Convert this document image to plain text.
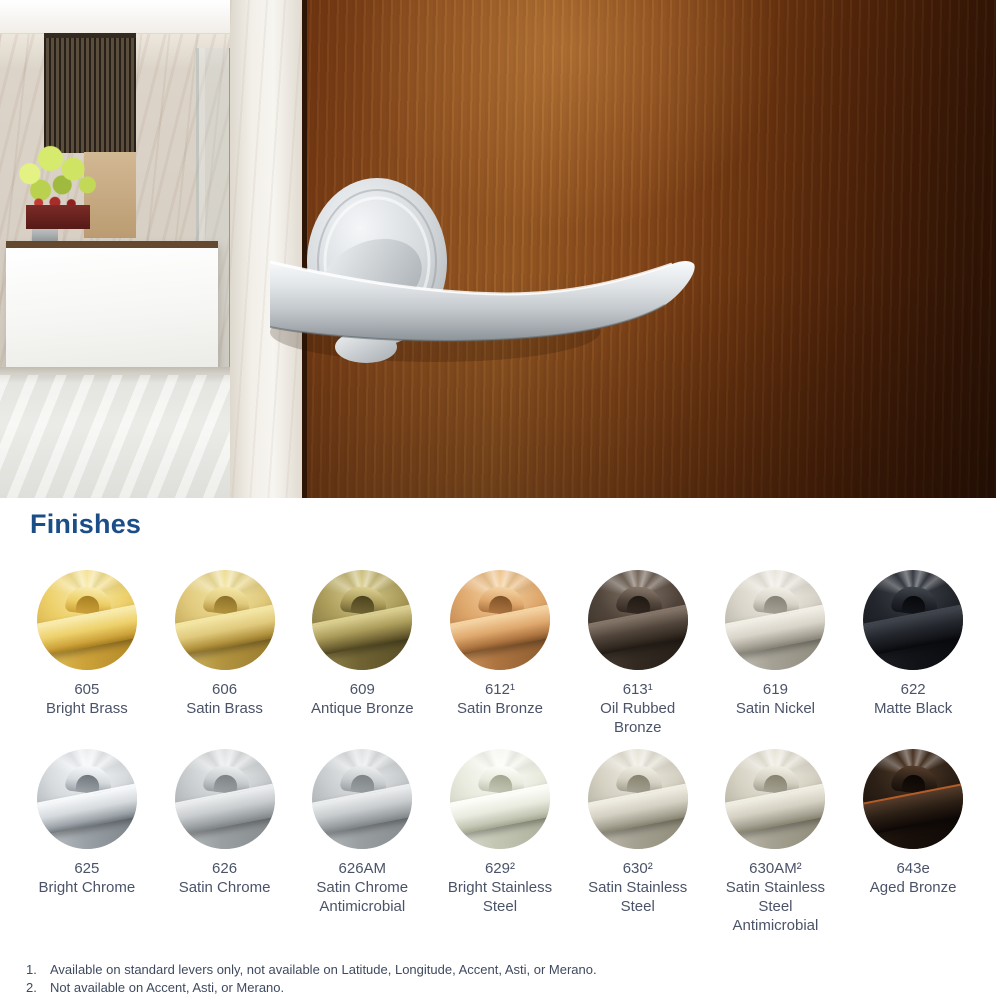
Finishes
605
Bright Brass
606
Satin Brass
609
Antique Bronze
612¹
Satin Bronze
613¹
Oil Rubbed Bronze
619
Satin Nickel
622
Matte Black
625
Bright Chrome
626
Satin Chrome
626AM
Satin Chrome Antimicrobial
629²
Bright Stainless Steel
630²
Satin Stainless Steel
630AM²
Satin Stainless Steel Antimicrobial
643e
Aged Bronze
1.	Available on standard levers only, not available on Latitude, Longitude, Accent, Asti, or Merano.
2.	Not available on Accent, Asti, or Merano.
